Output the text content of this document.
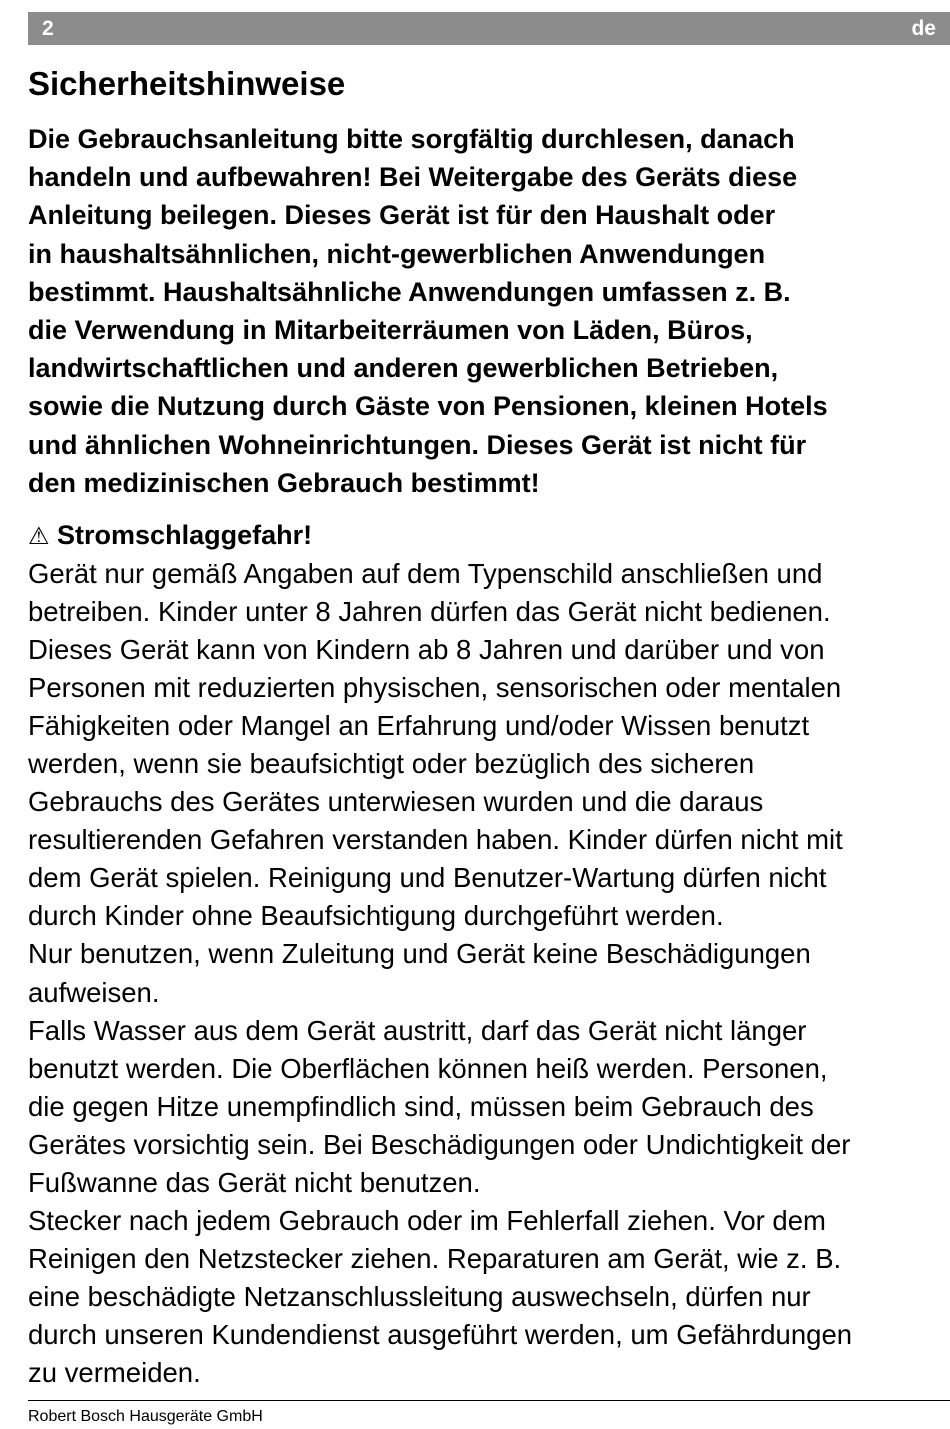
2	de
Sicherheitshinweise
Die Gebrauchsanleitung bitte sorgfältig durchlesen, danach
handeln und aufbewahren! Bei Weitergabe des Geräts diese
Anleitung beilegen. Dieses Gerät ist für den Haushalt oder
in haushaltsähnlichen, nicht-gewerblichen Anwendungen
bestimmt. Haushaltsähnliche Anwendungen umfassen z. B.
die Verwendung in Mitarbeiterräumen von Läden, Büros,
landwirtschaftlichen und anderen gewerblichen Betrieben,
sowie die Nutzung durch Gäste von Pensionen, kleinen Hotels
und ähnlichen Wohneinrichtungen. Dieses Gerät ist nicht für
den medizinischen Gebrauch bestimmt!
⚠ Stromschlaggefahr!
Gerät nur gemäß Angaben auf dem Typenschild anschließen und
betreiben. Kinder unter 8 Jahren dürfen das Gerät nicht bedienen.
Dieses Gerät kann von Kindern ab 8 Jahren und darüber und von
Personen mit reduzierten physischen, sensorischen oder mentalen
Fähigkeiten oder Mangel an Erfahrung und/oder Wissen benutzt
werden, wenn sie beaufsichtigt oder bezüglich des sicheren
Gebrauchs des Gerätes unterwiesen wurden und die daraus
resultierenden Gefahren verstanden haben. Kinder dürfen nicht mit
dem Gerät spielen. Reinigung und Benutzer-Wartung dürfen nicht
durch Kinder ohne Beaufsichtigung durchgeführt werden.
Nur benutzen, wenn Zuleitung und Gerät keine Beschädigungen
aufweisen.
Falls Wasser aus dem Gerät austritt, darf das Gerät nicht länger
benutzt werden. Die Oberflächen können heiß werden. Personen,
die gegen Hitze unempfindlich sind, müssen beim Gebrauch des
Gerätes vorsichtig sein. Bei Beschädigungen oder Undichtigkeit der
Fußwanne das Gerät nicht benutzen.
Stecker nach jedem Gebrauch oder im Fehlerfall ziehen. Vor dem
Reinigen den Netzstecker ziehen. Reparaturen am Gerät, wie z. B.
eine beschädigte Netzanschlussleitung auswechseln, dürfen nur
durch unseren Kundendienst ausgeführt werden, um Gefährdungen
zu vermeiden.
Robert Bosch Hausgeräte GmbH
